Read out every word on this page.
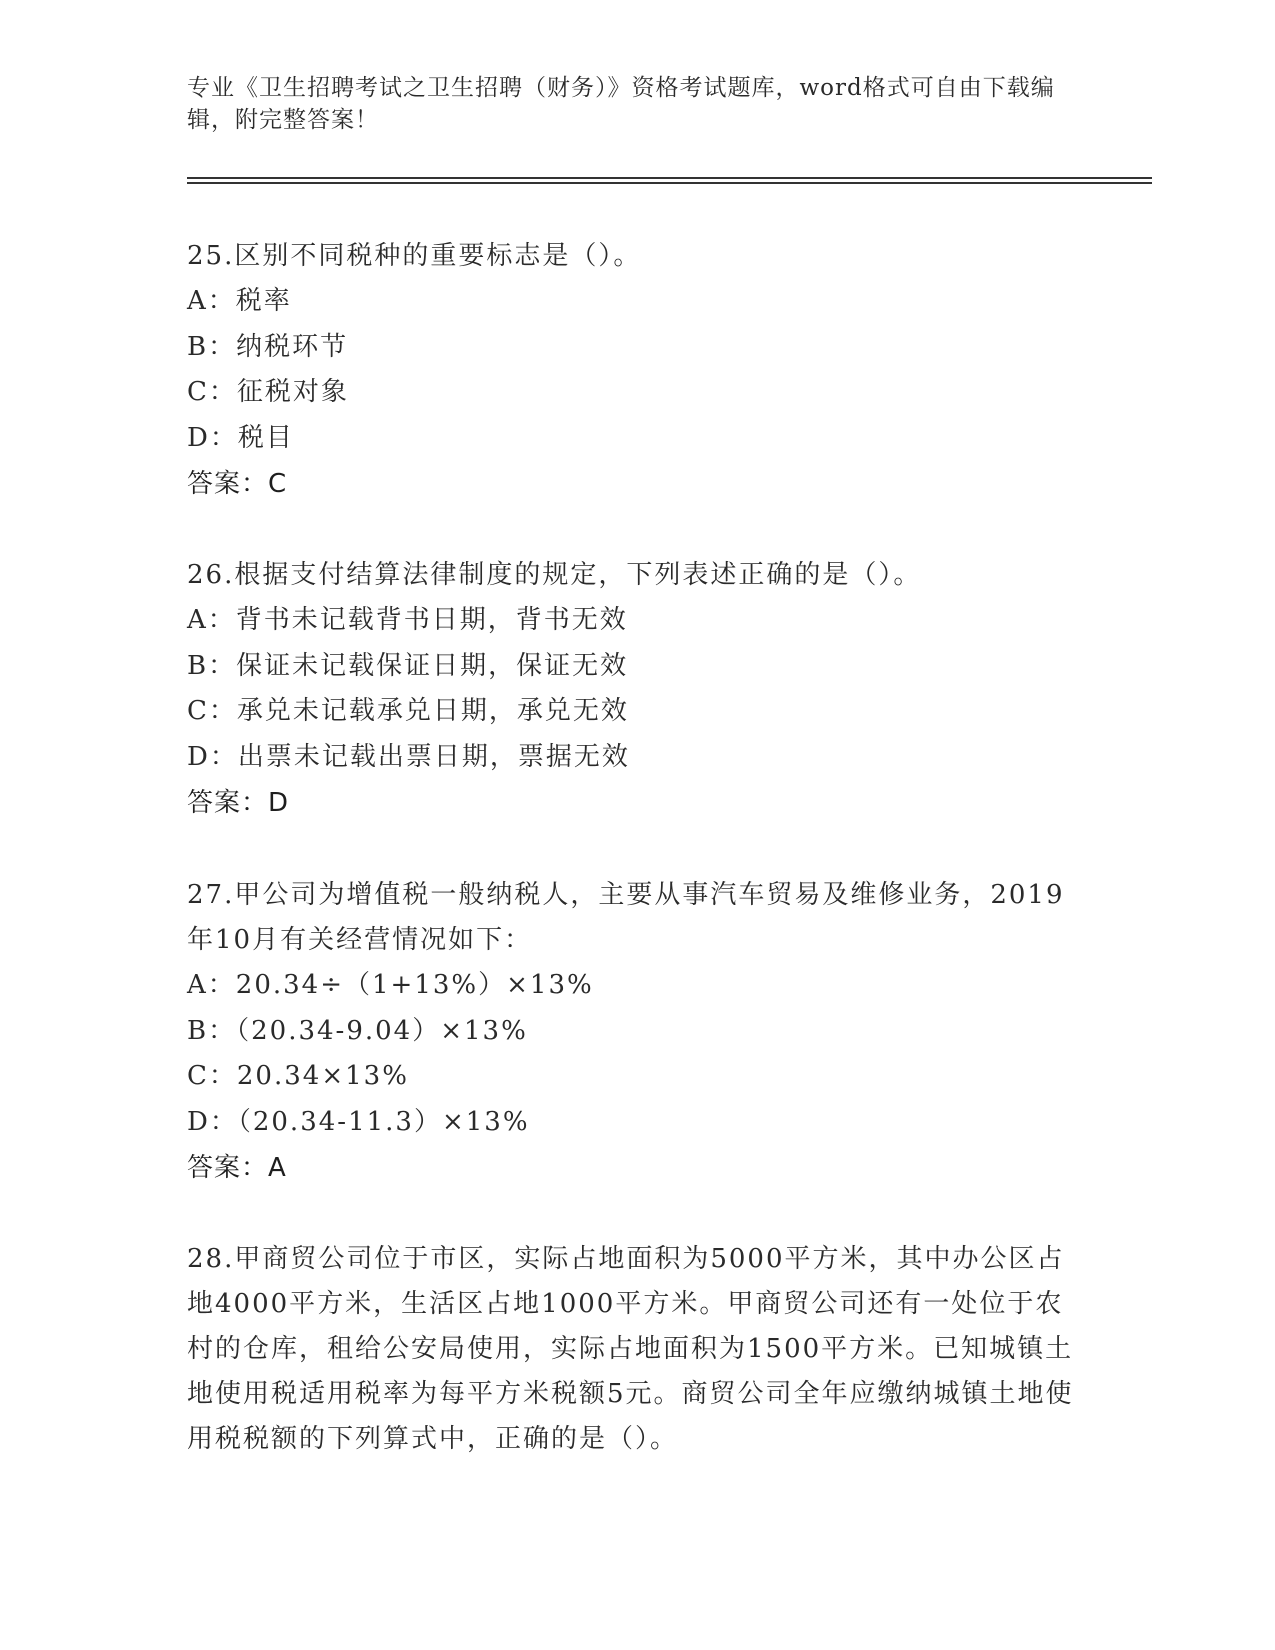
专业《卫生招聘考试之卫生招聘（财务）》资格考试题库，word格式可自由下载编辑，附完整答案！
25.区别不同税种的重要标志是（）。
A：税率
B：纳税环节
C：征税对象
D：税目
答案：C
26.根据支付结算法律制度的规定，下列表述正确的是（）。
A：背书未记载背书日期，背书无效
B：保证未记载保证日期，保证无效
C：承兑未记载承兑日期，承兑无效
D：出票未记载出票日期，票据无效
答案：D
27.甲公司为增值税一般纳税人，主要从事汽车贸易及维修业务，2019年10月有关经营情况如下：
A：20.34÷（1+13%）×13%
B：（20.34-9.04）×13%
C：20.34×13%
D：（20.34-11.3）×13%
答案：A
28.甲商贸公司位于市区，实际占地面积为5000平方米，其中办公区占地4000平方米，生活区占地1000平方米。甲商贸公司还有一处位于农村的仓库，租给公安局使用，实际占地面积为1500平方米。已知城镇土地使用税适用税率为每平方米税额5元。商贸公司全年应缴纳城镇土地使用税税额的下列算式中，正确的是（）。
